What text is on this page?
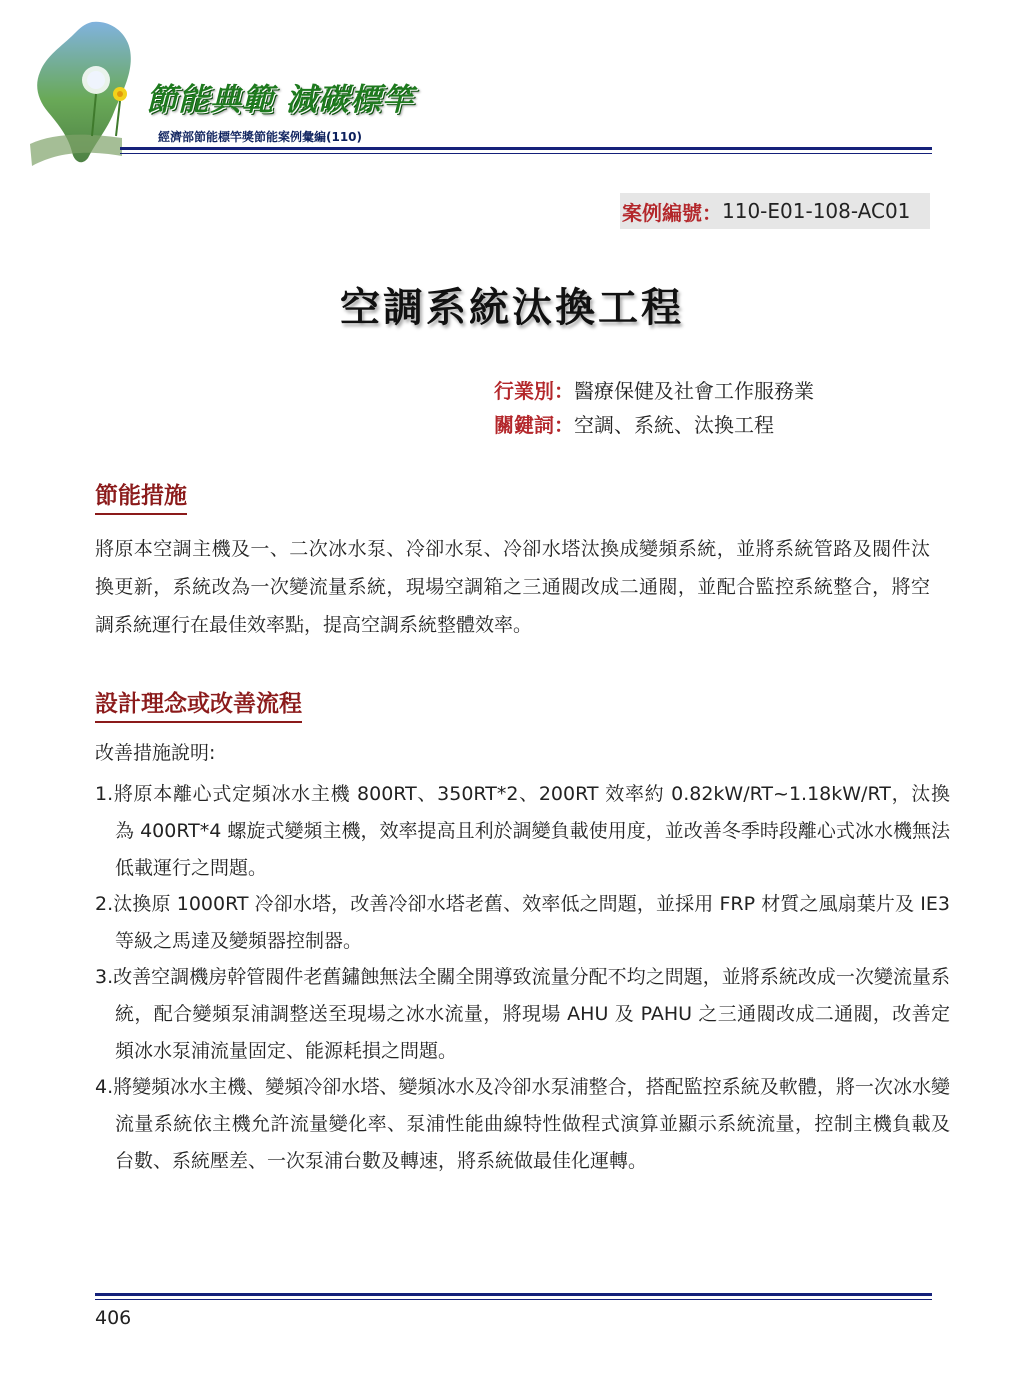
節能典範 減碳標竿
經濟部節能標竿獎節能案例彙編(110)
案例編號： 110-E01-108-AC01
空調系統汰換工程
行業別：醫療保健及社會工作服務業
關鍵詞：空調、系統、汰換工程
節能措施
將原本空調主機及一、二次冰水泵、冷卻水泵、冷卻水塔汰換成變頻系統，並將系統管路及閥件汰換更新，系統改為一次變流量系統，現場空調箱之三通閥改成二通閥，並配合監控系統整合，將空調系統運行在最佳效率點，提高空調系統整體效率。
設計理念或改善流程
改善措施說明:
1.將原本離心式定頻冰水主機 800RT、350RT*2、200RT 效率約 0.82kW/RT~1.18kW/RT，汰換為 400RT*4 螺旋式變頻主機，效率提高且利於調變負載使用度，並改善冬季時段離心式冰水機無法低載運行之問題。
2.汰換原 1000RT 冷卻水塔，改善冷卻水塔老舊、效率低之問題，並採用 FRP 材質之風扇葉片及 IE3 等級之馬達及變頻器控制器。
3.改善空調機房幹管閥件老舊鏽蝕無法全關全開導致流量分配不均之問題，並將系統改成一次變流量系統，配合變頻泵浦調整送至現場之冰水流量，將現場 AHU 及 PAHU 之三通閥改成二通閥，改善定頻冰水泵浦流量固定、能源耗損之問題。
4.將變頻冰水主機、變頻冷卻水塔、變頻冰水及冷卻水泵浦整合，搭配監控系統及軟體，將一次冰水變流量系統依主機允許流量變化率、泵浦性能曲線特性做程式演算並顯示系統流量，控制主機負載及台數、系統壓差、一次泵浦台數及轉速，將系統做最佳化運轉。
406
